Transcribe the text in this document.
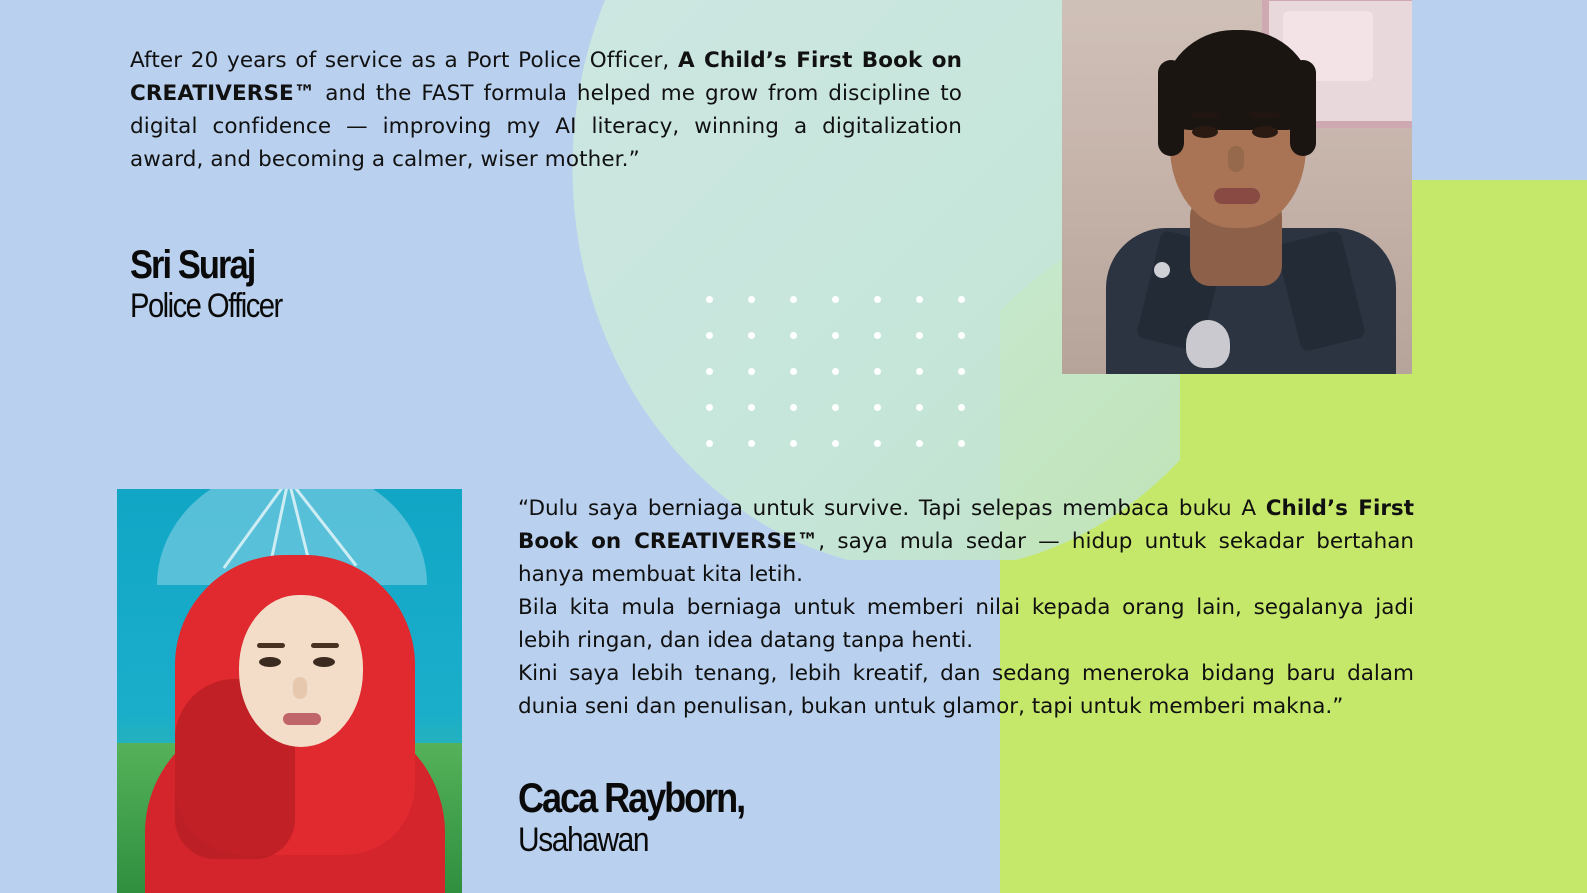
After 20 years of service as a Port Police Officer, A Child’s First Book on CREATIVERSE™ and the FAST formula helped me grow from discipline to digital confidence — improving my AI literacy, winning a digitalization award, and becoming a calmer, wiser mother.”
Sri Suraj
Police Officer

“Dulu saya berniaga untuk survive. Tapi selepas membaca buku A Child’s First Book on CREATIVERSE™, saya mula sedar — hidup untuk sekadar bertahan hanya membuat kita letih.

Bila kita mula berniaga untuk memberi nilai kepada orang lain, segalanya jadi lebih ringan, dan idea datang tanpa henti.

Kini saya lebih tenang, lebih kreatif, dan sedang meneroka bidang baru dalam dunia seni dan penulisan, bukan untuk glamor, tapi untuk memberi makna.”

Caca Rayborn,
Usahawan
